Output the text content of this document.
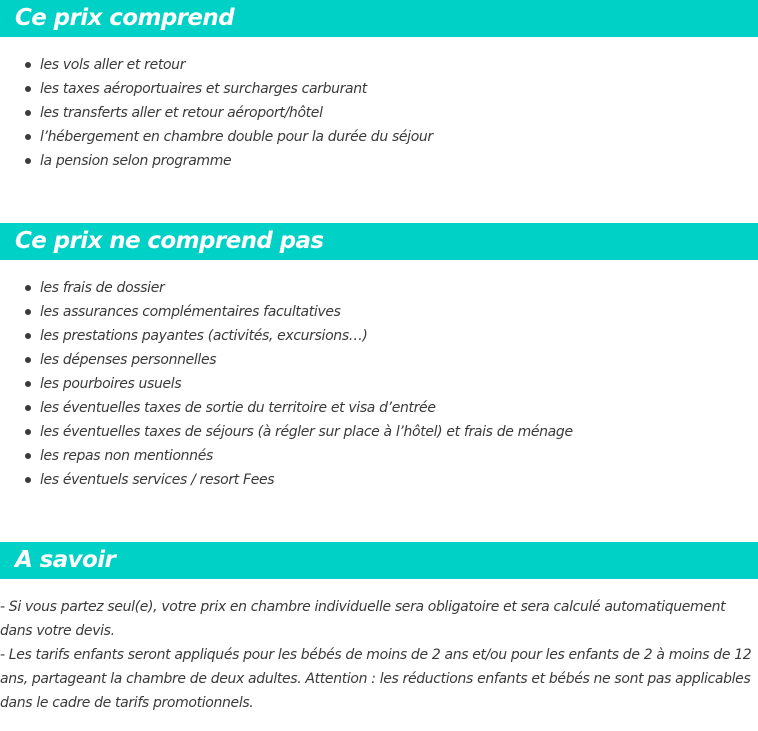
Ce prix comprend
les vols aller et retour
les taxes aéroportuaires et surcharges carburant
les transferts aller et retour aéroport/hôtel
l’hébergement en chambre double pour la durée du séjour
la pension selon programme
Ce prix ne comprend pas
les frais de dossier
les assurances complémentaires facultatives
les prestations payantes (activités, excursions…)
les dépenses personnelles
les pourboires usuels
les éventuelles taxes de sortie du territoire et visa d’entrée
les éventuelles taxes de séjours (à régler sur place à l’hôtel) et frais de ménage
les repas non mentionnés
les éventuels services / resort Fees
A savoir
- Si vous partez seul(e), votre prix en chambre individuelle sera obligatoire et sera calculé automatiquement dans votre devis.
- Les tarifs enfants seront appliqués pour les bébés de moins de 2 ans et/ou pour les enfants de 2 à moins de 12 ans, partageant la chambre de deux adultes. Attention : les réductions enfants et bébés ne sont pas applicables dans le cadre de tarifs promotionnels.
